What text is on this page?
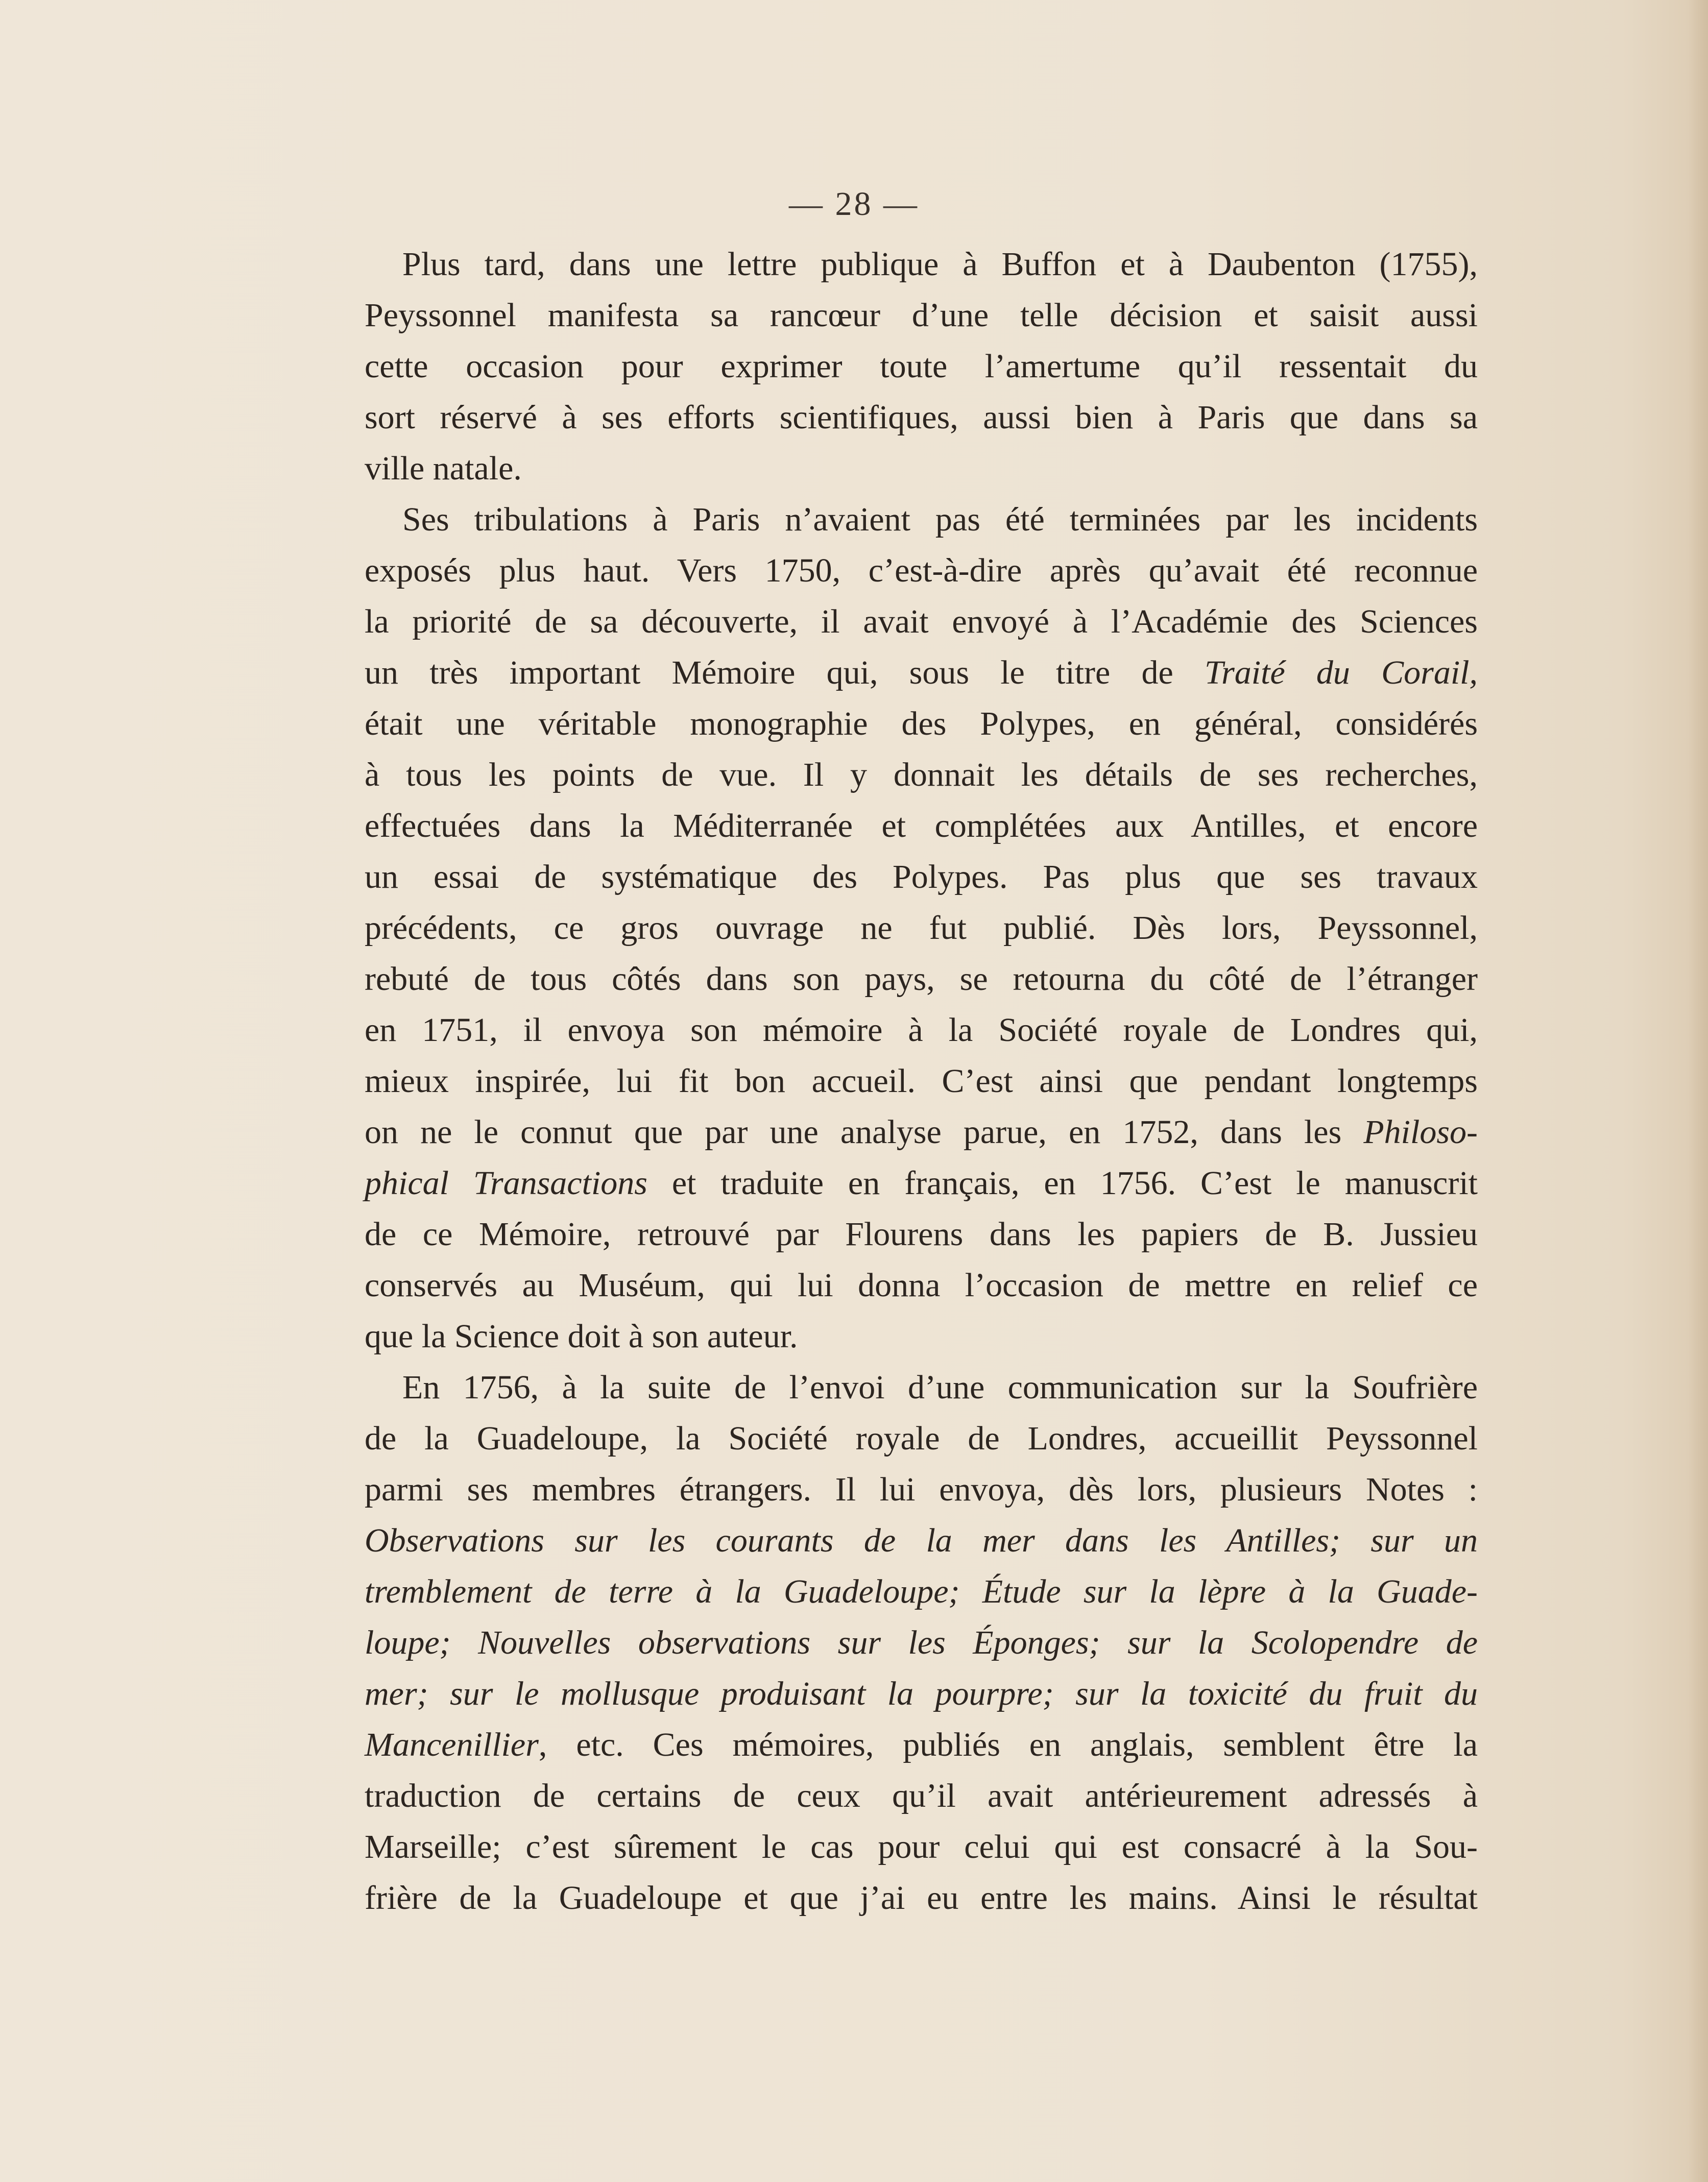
— 28 —
Plus tard, dans une lettre publique à Buffon et à Daubenton (1755),
Peyssonnel manifesta sa rancœur d’une telle décision et saisit aussi
cette occasion pour exprimer toute l’amertume qu’il ressentait du
sort réservé à ses efforts scientifiques, aussi bien à Paris que dans sa
ville natale.
Ses tribulations à Paris n’avaient pas été terminées par les incidents
exposés plus haut. Vers 1750, c’est-à-dire après qu’avait été reconnue
la priorité de sa découverte, il avait envoyé à l’Académie des Sciences
un très important Mémoire qui, sous le titre de Traité du Corail,
était une véritable monographie des Polypes, en général, considérés
à tous les points de vue. Il y donnait les détails de ses recherches,
effectuées dans la Méditerranée et complétées aux Antilles, et encore
un essai de systématique des Polypes. Pas plus que ses travaux
précédents, ce gros ouvrage ne fut publié. Dès lors, Peyssonnel,
rebuté de tous côtés dans son pays, se retourna du côté de l’étranger
en 1751, il envoya son mémoire à la Société royale de Londres qui,
mieux inspirée, lui fit bon accueil. C’est ainsi que pendant longtemps
on ne le connut que par une analyse parue, en 1752, dans les Philoso-
phical Transactions et traduite en français, en 1756. C’est le manuscrit
de ce Mémoire, retrouvé par Flourens dans les papiers de B. Jussieu
conservés au Muséum, qui lui donna l’occasion de mettre en relief ce
que la Science doit à son auteur.
En 1756, à la suite de l’envoi d’une communication sur la Soufrière
de la Guadeloupe, la Société royale de Londres, accueillit Peyssonnel
parmi ses membres étrangers. Il lui envoya, dès lors, plusieurs Notes :
Observations sur les courants de la mer dans les Antilles; sur un
tremblement de terre à la Guadeloupe; Étude sur la lèpre à la Guade-
loupe; Nouvelles observations sur les Éponges; sur la Scolopendre de
mer; sur le mollusque produisant la pourpre; sur la toxicité du fruit du
Mancenillier, etc. Ces mémoires, publiés en anglais, semblent être la
traduction de certains de ceux qu’il avait antérieurement adressés à
Marseille; c’est sûrement le cas pour celui qui est consacré à la Sou-
frière de la Guadeloupe et que j’ai eu entre les mains. Ainsi le résultat
